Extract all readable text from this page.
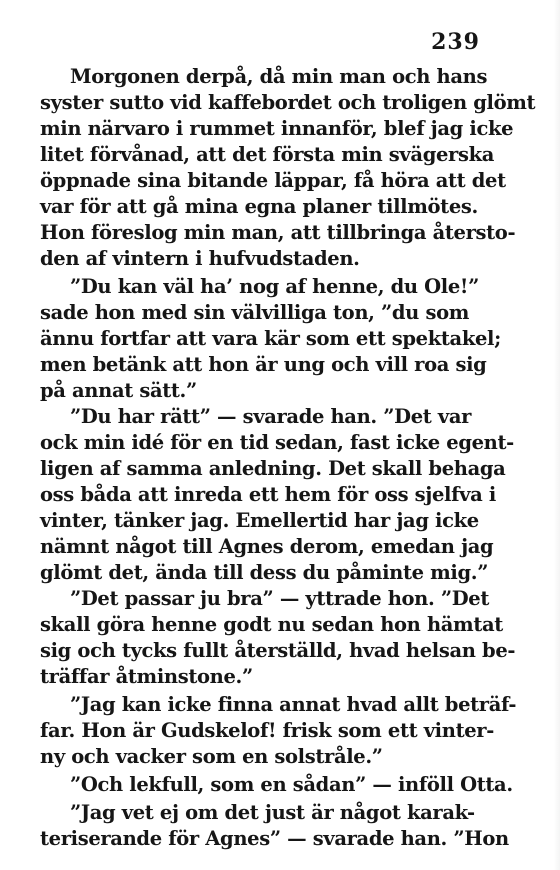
239
Morgonen derpå, då min man och hans
syster sutto vid kaffebordet och troligen glömt
min närvaro i rummet innanför, blef jag icke
litet förvånad, att det första min svägerska
öppnade sina bitande läppar, få höra att det
var för att gå mina egna planer tillmötes.
Hon föreslog min man, att tillbringa återsto-
den af vintern i hufvudstaden.
”Du kan väl ha’ nog af henne, du Ole!”
sade hon med sin välvilliga ton, ”du som
ännu fortfar att vara kär som ett spektakel;
men betänk att hon är ung och vill roa sig
på annat sätt.”
”Du har rätt” — svarade han. ”Det var
ock min idé för en tid sedan, fast icke egent-
ligen af samma anledning. Det skall behaga
oss båda att inreda ett hem för oss sjelfva i
vinter, tänker jag. Emellertid har jag icke
nämnt något till Agnes derom, emedan jag
glömt det, ända till dess du påminte mig.”
”Det passar ju bra” — yttrade hon. ”Det
skall göra henne godt nu sedan hon hämtat
sig och tycks fullt återställd, hvad helsan be-
träffar åtminstone.”
”Jag kan icke finna annat hvad allt beträf-
far. Hon är Gudskelof! frisk som ett vinter-
ny och vacker som en solstråle.”
”Och lekfull, som en sådan” — inföll Otta.
”Jag vet ej om det just är något karak-
teriserande för Agnes” — svarade han. ”Hon
